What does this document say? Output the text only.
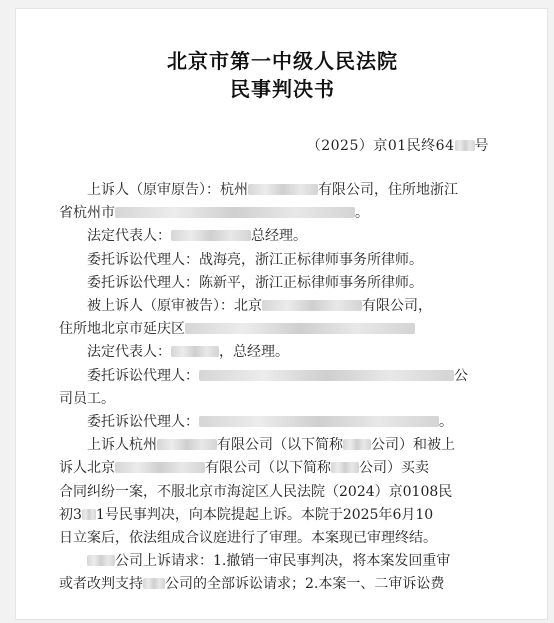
北京市第一中级人民法院
民事判决书
（2025）京01民终64 号

上诉人（原审原告）：杭州	有限公司，住所地浙江

省杭州市	。

法定代表人：	总经理。

委托诉讼代理人：战海亮，浙江正标律师事务所律师。

委托诉讼代理人：陈新平，浙江正标律师事务所律师。

被上诉人（原审被告）：北京	有限公司，

住所地北京市延庆区

法定代表人：	，总经理。

委托诉讼代理人：	公

司员工。

委托诉讼代理人：	。

上诉人杭州	有限公司（以下简称 公司）和被上

诉人北京	有限公司（以下简称 公司）买卖

合同纠纷一案，不服北京市海淀区人民法院（2024）京0108民

初3 1号民事判决，向本院提起上诉。本院于2025年6月10

日立案后，依法组成合议庭进行了审理。本案现已审理终结。

公司上诉请求：1.撤销一审民事判决，将本案发回重审

或者改判支持 公司的全部诉讼请求；2.本案一、二审诉讼费
